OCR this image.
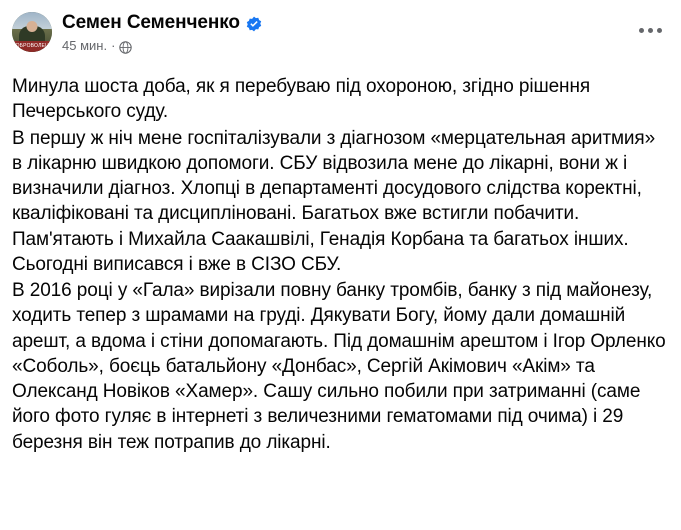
ДОБРОВОЛЕЦЬ
Семен Семенченко
45 мин. ·

Минула шоста доба, як я перебуваю під охороною, згідно рішення Печерського суду.

В першу ж ніч мене госпіталізували з діагнозом «мерцательная аритмия» в лікарню швидкою допомоги. СБУ відвозила мене до лікарні, вони ж і визначили діагноз. Хлопці в департаменті досудового слідства коректні, кваліфіковані та дисципліновані. Багатьох вже встигли побачити. Пам'ятають і Михайла Саакашвілі, Генадія Корбана та багатьох інших. Сьогодні виписався і вже в СІЗО СБУ.

В 2016 році у «Гала» вирізали повну банку тромбів, банку з під майонезу, ходить тепер з шрамами на груді. Дякувати Богу, йому дали домашній арешт, а вдома і стіни допомагають. Під домашнім арештом і Ігор Орленко «Соболь», боєць батальйону «Донбас», Сергій Акімович «Акім» та Олександ Новіков «Хамер». Сашу сильно побили при затриманні (саме його фото гуляє в інтернеті з величезними гематомами під очима) і 29 березня він теж потрапив до лікарні.
